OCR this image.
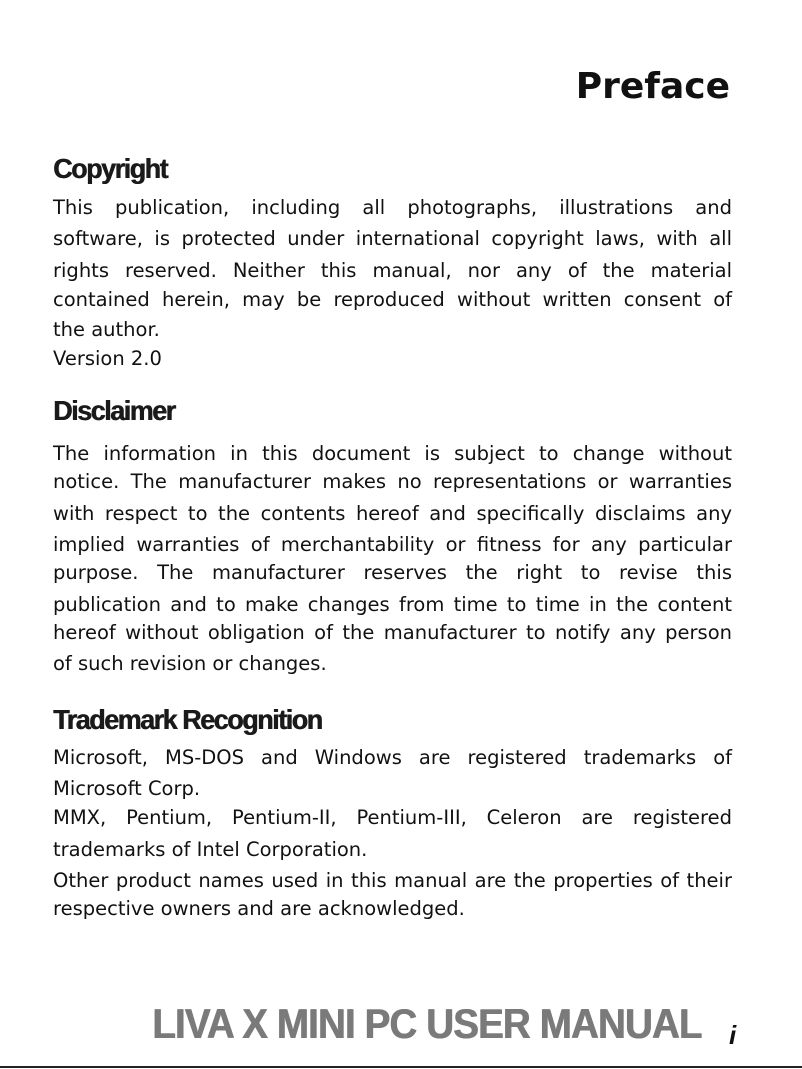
Preface
Copyright
This publication, including all photographs, illustrations and
software, is protected under international copyright laws, with all
rights reserved. Neither this manual, nor any of the material
contained herein, may be reproduced without written consent of
the author.
Version 2.0
Disclaimer
The information in this document is subject to change without
notice. The manufacturer makes no representations or warranties
with respect to the contents hereof and specifically disclaims any
implied warranties of merchantability or fitness for any particular
purpose. The manufacturer reserves the right to revise this
publication and to make changes from time to time in the content
hereof without obligation of the manufacturer to notify any person
of such revision or changes.
Trademark Recognition
Microsoft, MS-DOS and Windows are registered trademarks of
Microsoft Corp.
MMX, Pentium, Pentium-II, Pentium-III, Celeron are registered
trademarks of Intel Corporation.
Other product names used in this manual are the properties of their
respective owners and are acknowledged.
LIVA X MINI PC USER MANUAL i
